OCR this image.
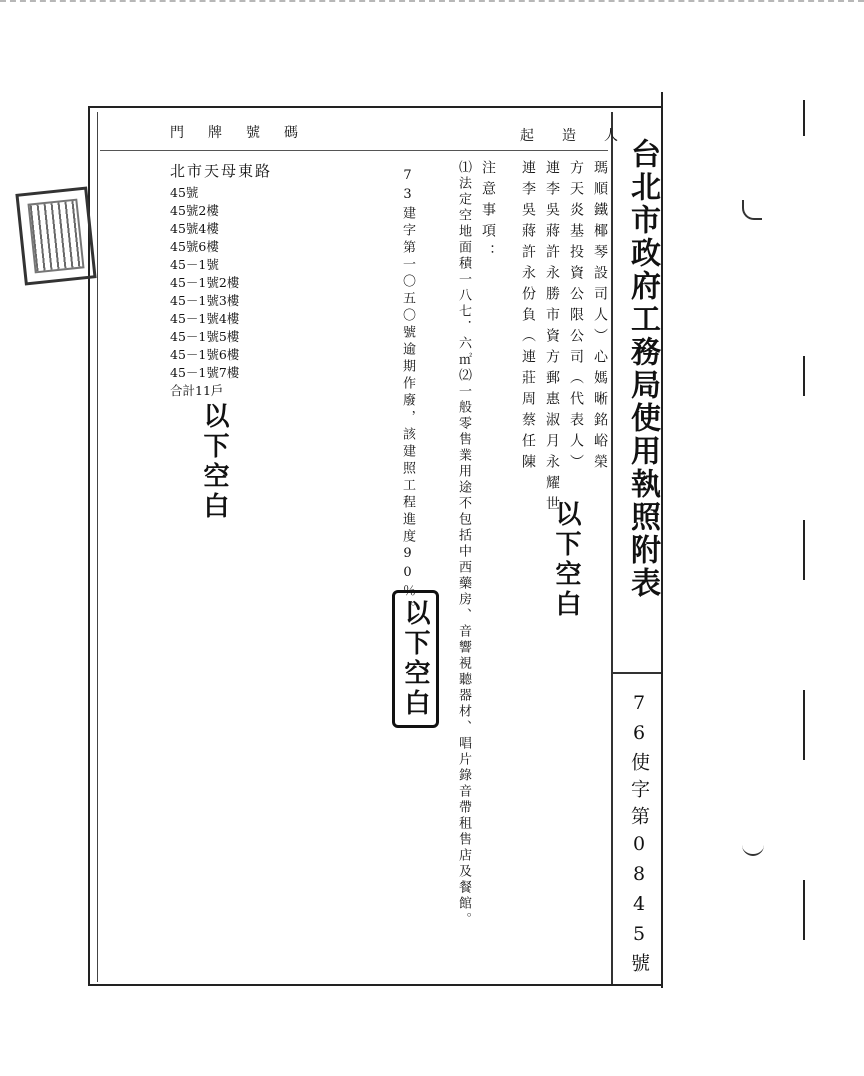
台北市政府工務局使用執照附表
76使字第0845號
起造人
瑪順鐵椰琴設司人）心媽晰銘峪榮
方天炎基投資公限公司（代表人）
連李吳蔣許永勝市資方郵惠淑月永耀世
連李吳蔣許永份負（連莊周蔡任陳
以下空白
注意事項：
⑴法定空地面積一八七．六㎡⑵一般零售業用途不包括中西藥房、音響視聽器材、唱片錄音帶租售店及餐館。
73建字第一〇五〇號逾期作廢，該建照工程進度90％。
以下空白
門牌號碼
北市天母東路
45號
45號2樓
45號4樓
45號6樓
45－1號
45－1號2樓
45－1號3樓
45－1號4樓
45－1號5樓
45－1號6樓
45－1號7樓
合計11戶
以下空白
